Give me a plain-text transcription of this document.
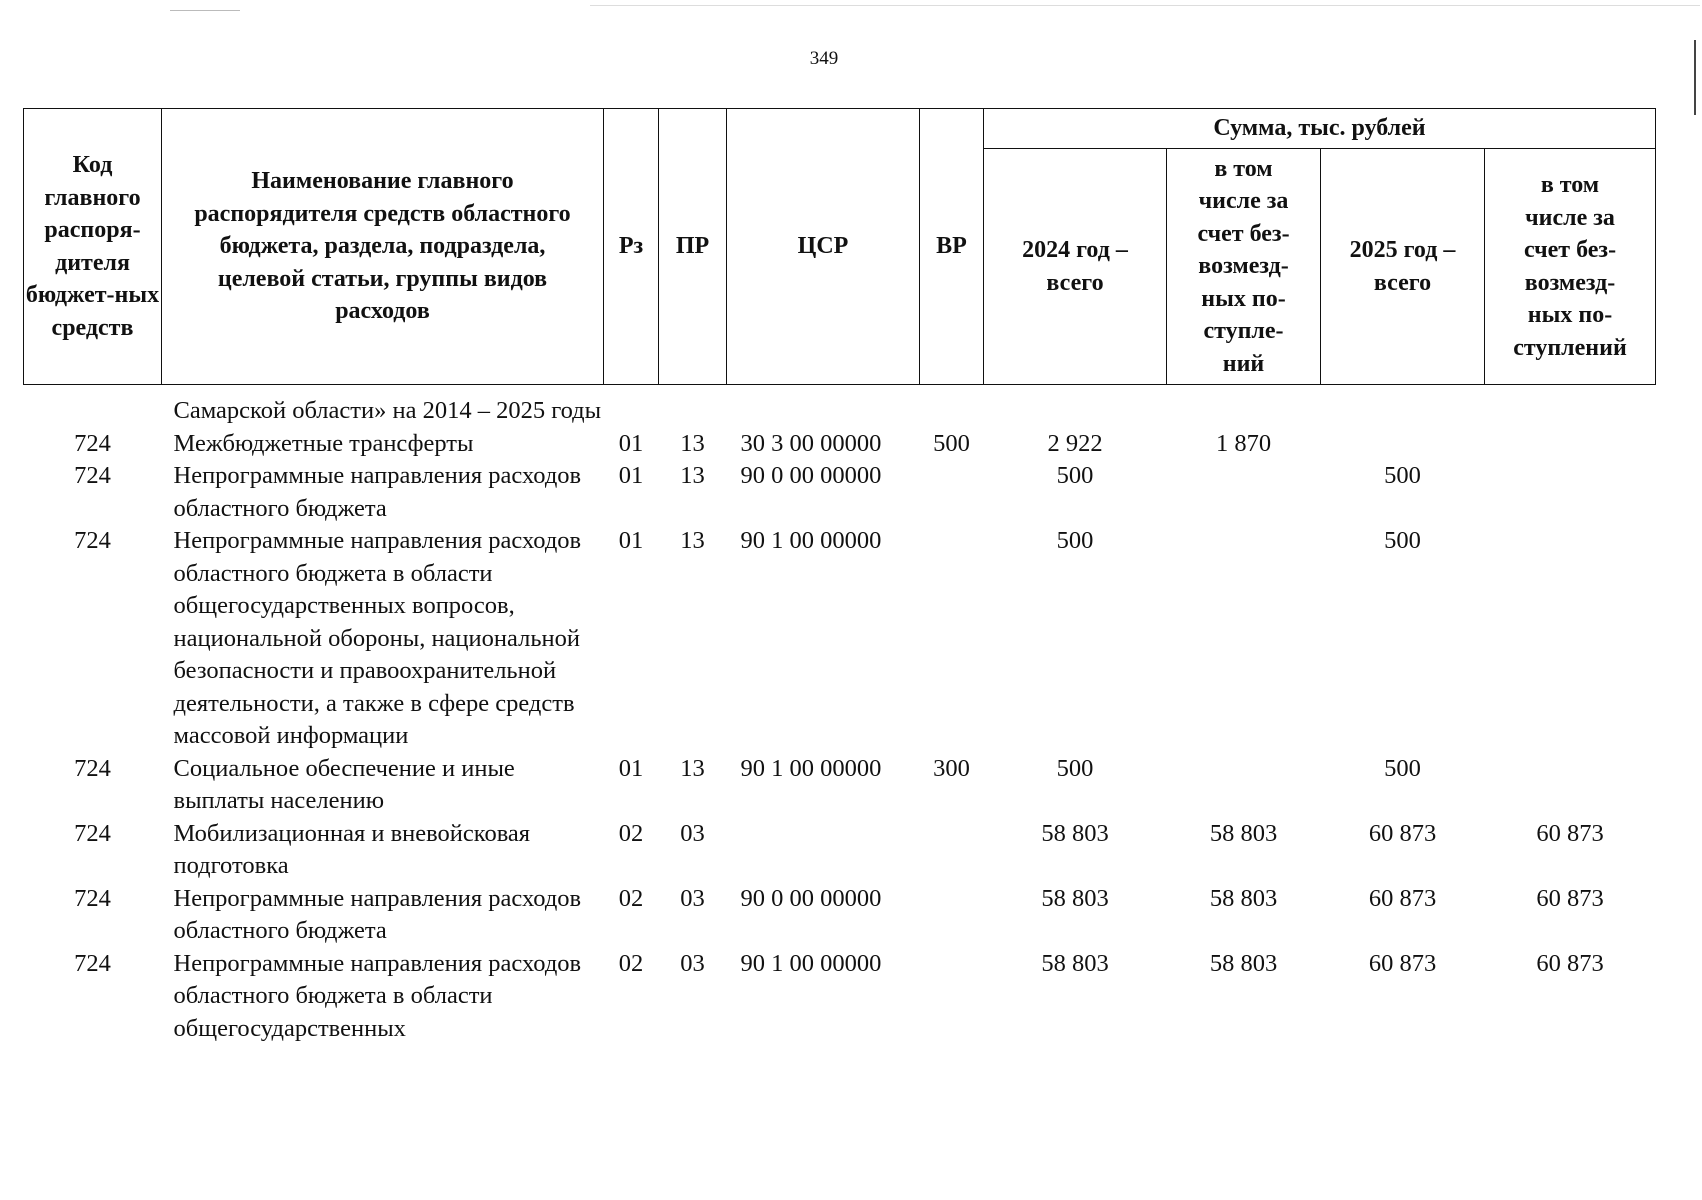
349
Код главного распоря-дителя бюджет-ных средств	Наименование главного распорядителя средств областного бюджета, раздела, подраздела, целевой статьи, группы видов расходов	Рз	ПР	ЦСР	ВР	Сумма, тыс. рублей			
						2024 год – всего	в том числе за счет без-возмезд-ных по-ступле-ний	2025 год – всего	в том числе за счет без-возмезд-ных по-ступлений
	Самарской области» на 2014 – 2025 годы								
724	Межбюджетные трансферты	01	13	30 3 00 00000	500	2 922	1 870		
724	Непрограммные направления расходов областного бюджета	01	13	90 0 00 00000		500		500	
724	Непрограммные направления расходов областного бюджета в области общегосударственных вопросов, национальной обороны, национальной безопасности и правоохранительной деятельности, а также в сфере средств массовой информации	01	13	90 1 00 00000		500		500	
724	Социальное обеспечение и иные выплаты населению	01	13	90 1 00 00000	300	500		500	
724	Мобилизационная и вневойсковая подготовка	02	03			58 803	58 803	60 873	60 873
724	Непрограммные направления расходов областного бюджета	02	03	90 0 00 00000		58 803	58 803	60 873	60 873
724	Непрограммные направления расходов областного бюджета в области общегосударственных	02	03	90 1 00 00000		58 803	58 803	60 873	60 873
